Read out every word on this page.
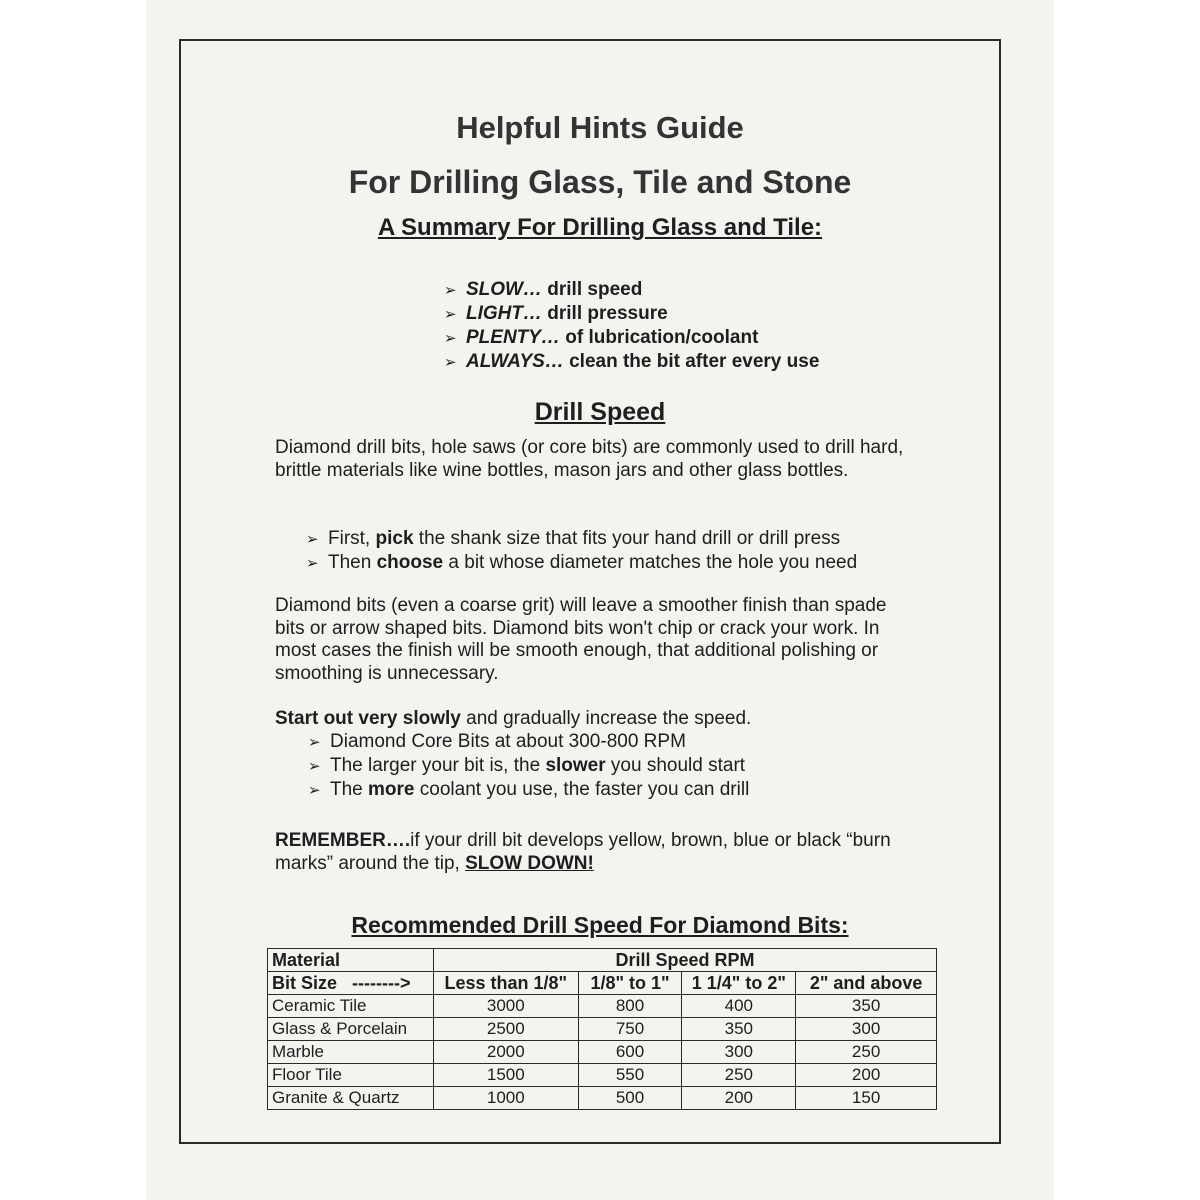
Helpful Hints Guide
For Drilling Glass, Tile and Stone
A Summary For Drilling Glass and Tile:
➢ SLOW… drill speed
➢ LIGHT… drill pressure
➢ PLENTY… of lubrication/coolant
➢ ALWAYS… clean the bit after every use
Drill Speed
Diamond drill bits, hole saws (or core bits) are commonly used to drill hard, brittle materials like wine bottles, mason jars and other glass bottles.
➢ First, pick the shank size that fits your hand drill or drill press
➢ Then choose a bit whose diameter matches the hole you need
Diamond bits (even a coarse grit) will leave a smoother finish than spade bits or arrow shaped bits. Diamond bits won't chip or crack your work. In most cases the finish will be smooth enough, that additional polishing or smoothing is unnecessary.
Start out very slowly and gradually increase the speed.
➢ Diamond Core Bits at about 300-800 RPM
➢ The larger your bit is, the slower you should start
➢ The more coolant you use, the faster you can drill
REMEMBER….if your drill bit develops yellow, brown, blue or black “burn marks” around the tip, SLOW DOWN!
Recommended Drill Speed For Diamond Bits:
Material	Drill Speed RPM			
Bit Size   -------->	Less than 1/8"	1/8" to 1"	1 1/4" to 2"	2" and above
Ceramic Tile	3000	800	400	350
Glass & Porcelain	2500	750	350	300
Marble	2000	600	300	250
Floor Tile	1500	550	250	200
Granite & Quartz	1000	500	200	150
